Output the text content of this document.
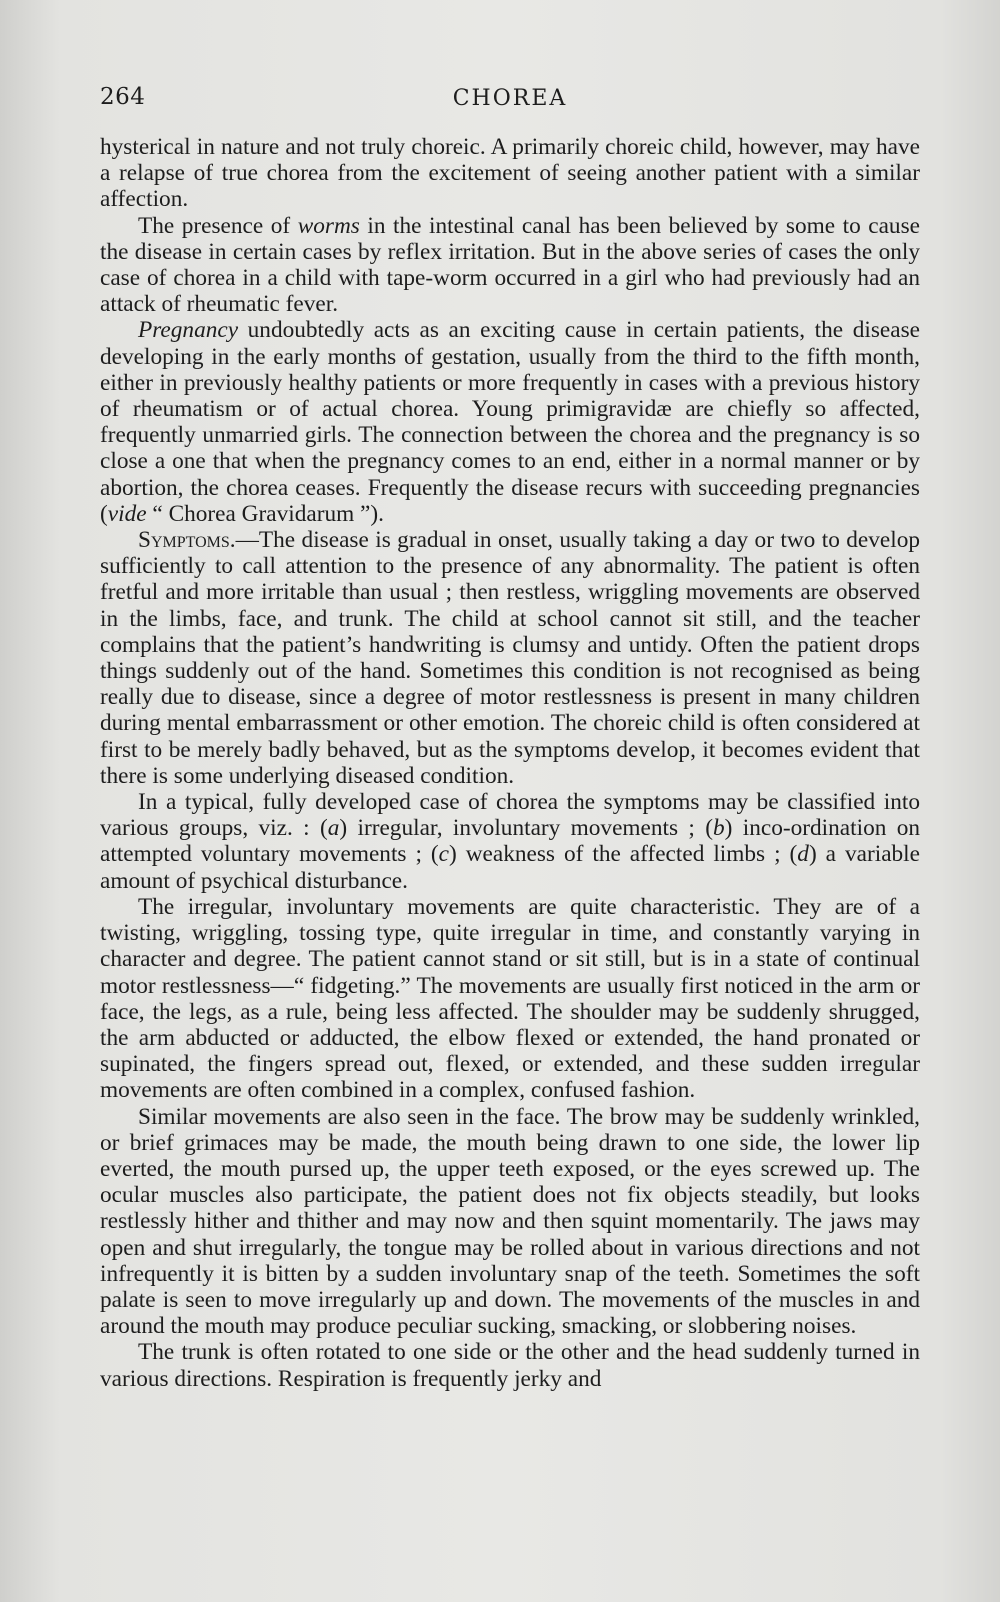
264	CHOREA

hysterical in nature and not truly choreic. A primarily choreic child, however, may have a relapse of true chorea from the excitement of seeing another patient with a similar affection.

The presence of worms in the intestinal canal has been believed by some to cause the disease in certain cases by reflex irritation. But in the above series of cases the only case of chorea in a child with tape-worm occurred in a girl who had previously had an attack of rheumatic fever.

Pregnancy undoubtedly acts as an exciting cause in certain patients, the disease developing in the early months of gestation, usually from the third to the fifth month, either in previously healthy patients or more frequently in cases with a previous history of rheumatism or of actual chorea. Young primigravidæ are chiefly so affected, frequently unmarried girls. The connection between the chorea and the pregnancy is so close a one that when the pregnancy comes to an end, either in a normal manner or by abortion, the chorea ceases. Frequently the disease recurs with succeeding pregnancies (vide “ Chorea Gravidarum ”).

Symptoms.—The disease is gradual in onset, usually taking a day or two to develop sufficiently to call attention to the presence of any abnormality. The patient is often fretful and more irritable than usual ; then restless, wriggling movements are observed in the limbs, face, and trunk. The child at school cannot sit still, and the teacher complains that the patient’s handwriting is clumsy and untidy. Often the patient drops things suddenly out of the hand. Sometimes this condition is not recognised as being really due to disease, since a degree of motor restlessness is present in many children during mental embarrassment or other emotion. The choreic child is often considered at first to be merely badly behaved, but as the symptoms develop, it becomes evident that there is some underlying diseased condition.

In a typical, fully developed case of chorea the symptoms may be classified into various groups, viz. : (a) irregular, involuntary movements ; (b) inco-ordination on attempted voluntary movements ; (c) weakness of the affected limbs ; (d) a variable amount of psychical disturbance.

The irregular, involuntary movements are quite characteristic. They are of a twisting, wriggling, tossing type, quite irregular in time, and constantly varying in character and degree. The patient cannot stand or sit still, but is in a state of continual motor restlessness—“ fidgeting.” The movements are usually first noticed in the arm or face, the legs, as a rule, being less affected. The shoulder may be suddenly shrugged, the arm abducted or adducted, the elbow flexed or extended, the hand pronated or supinated, the fingers spread out, flexed, or extended, and these sudden irregular movements are often combined in a complex, confused fashion.

Similar movements are also seen in the face. The brow may be suddenly wrinkled, or brief grimaces may be made, the mouth being drawn to one side, the lower lip everted, the mouth pursed up, the upper teeth exposed, or the eyes screwed up. The ocular muscles also participate, the patient does not fix objects steadily, but looks restlessly hither and thither and may now and then squint momentarily. The jaws may open and shut irregularly, the tongue may be rolled about in various directions and not infrequently it is bitten by a sudden involuntary snap of the teeth. Sometimes the soft palate is seen to move irregularly up and down. The movements of the muscles in and around the mouth may produce peculiar sucking, smacking, or slobbering noises.

The trunk is often rotated to one side or the other and the head suddenly turned in various directions. Respiration is frequently jerky and
